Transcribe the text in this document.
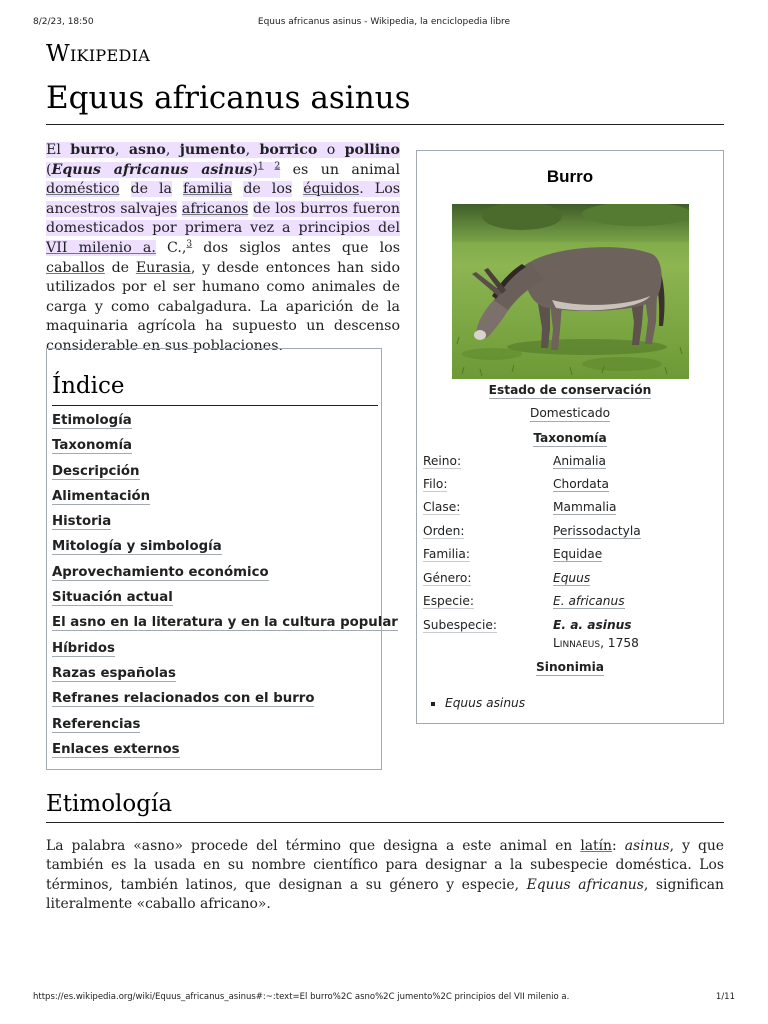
8/2/23, 18:50	Equus africanus asinus - Wikipedia, la enciclopedia libre
Wikipedia
Equus africanus asinus

El burro, asno, jumento, borrico o pollino (Equus africanus asinus)$^{1 2}$ es un animal doméstico de la familia de los équidos. Los ancestros salvajes africanos de los burros fueron domesticados por primera vez a principios del VII milenio a. C.,$^3$ dos siglos antes que los caballos de Eurasia, y desde entonces han sido utilizados por el ser humano como animales de carga y como cabalgadura. La aparición de la maquinaria agrícola ha supuesto un descenso considerable en sus poblaciones.

Índice
Etimología
Taxonomía
Descripción
Alimentación
Historia
Mitología y simbología
Aprovechamiento económico
Situación actual
El asno en la literatura y en la cultura popular
Híbridos
Razas españolas
Refranes relacionados con el burro
Referencias
Enlaces externos
Burro
Estado de conservación
Domesticado
Taxonomía
Reino:	Animalia
Filo:	Chordata
Clase:	Mammalia
Orden:	Perissodactyla
Familia:	Equidae
Género:	Equus
Especie:	E. africanus
Subespecie:	E. a. asinus
Linnaeus, 1758
Sinonimia
Equus asinus
Etimología

La palabra «asno» procede del término que designa a este animal en latín: asinus, y que también es la usada en su nombre científico para designar a la subespecie doméstica. Los términos, también latinos, que designan a su género y especie, Equus africanus, significan literalmente «caballo africano».

https://es.wikipedia.org/wiki/Equus_africanus_asinus#:~:text=El burro%2C asno%2C jumento%2C principios del VII milenio a.	1/11
